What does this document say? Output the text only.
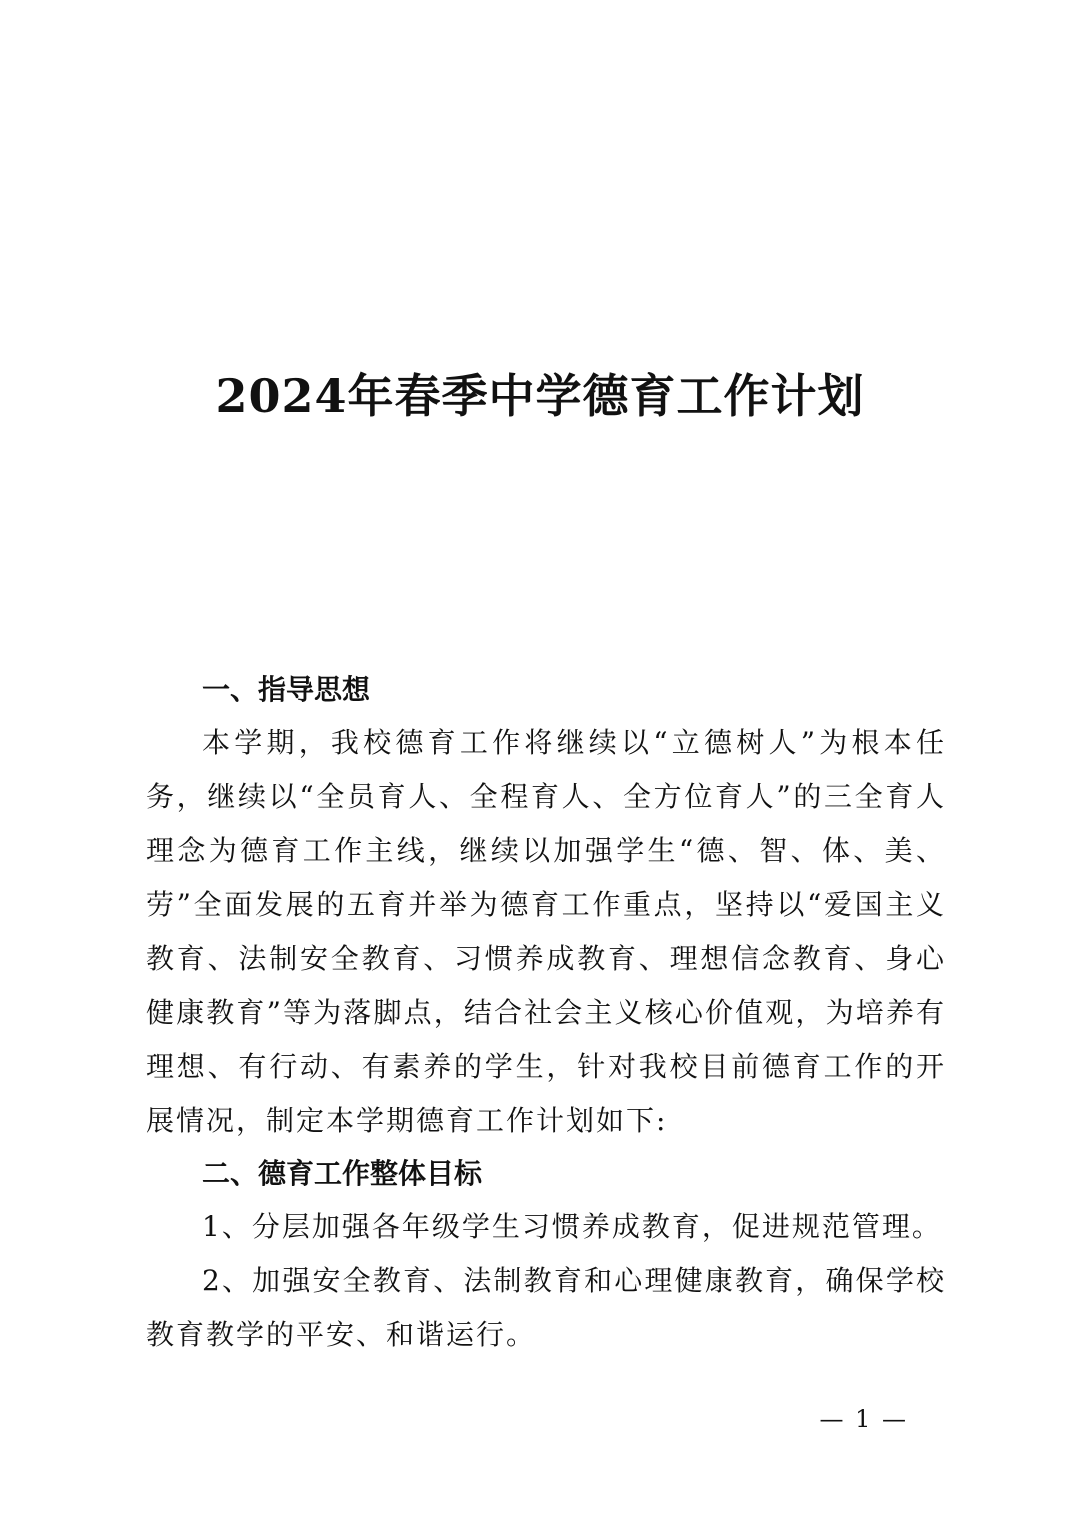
2024年春季中学德育工作计划

一、指导思想

本学期，我校德育工作将继续以“立德树人”为根本任务，继续以“全员育人、全程育人、全方位育人”的三全育人理念为德育工作主线，继续以加强学生“德、智、体、美、劳”全面发展的五育并举为德育工作重点，坚持以“爱国主义教育、法制安全教育、习惯养成教育、理想信念教育、身心健康教育”等为落脚点，结合社会主义核心价值观，为培养有理想、有行动、有素养的学生，针对我校目前德育工作的开展情况，制定本学期德育工作计划如下:

二、德育工作整体目标

1、分层加强各年级学生习惯养成教育，促进规范管理。

2、加强安全教育、法制教育和心理健康教育，确保学校教育教学的平安、和谐运行。

— 1 —
